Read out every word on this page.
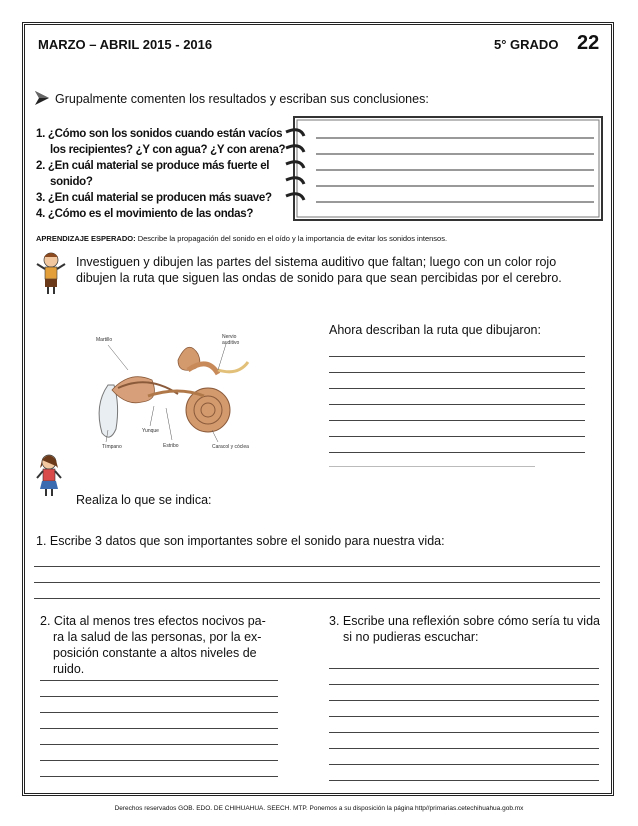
MARZO – ABRIL 2015 - 2016	5° GRADO 22
Grupalmente comenten los resultados y escriban sus conclusiones:
1. ¿Cómo son los sonidos cuando están vacíos
los recipientes? ¿Y con agua? ¿Y con arena?
2. ¿En cuál material se produce más fuerte el
sonido?
3. ¿En cuál material se producen más suave?
4. ¿Cómo es el movimiento de las ondas?
APRENDIZAJE ESPERADO: Describe la propagación del sonido en el oído y la importancia de evitar los sonidos intensos.
Investiguen y dibujen las partes del sistema auditivo que faltan; luego con un color rojo
dibujen la ruta que siguen las ondas de sonido para que sean percibidas por el cerebro.
Martillo	Nervio
auditivo
Yunque
Tímpano	Estribo	Caracol y cóclea
Ahora describan la ruta que dibujaron:
Realiza lo que se indica:
1. Escribe 3 datos que son importantes sobre el sonido para nuestra vida:
2. Cita al menos tres efectos nocivos pa-
ra la salud de las personas, por la ex-
posición constante a altos niveles de
ruido.
3. Escribe una reflexión sobre cómo sería tu vida
si no pudieras escuchar:
Derechos reservados GOB. EDO. DE CHIHUAHUA. SEECH. MTP. Ponemos a su disposición la página http//primarias.cetechihuahua.gob.mx
